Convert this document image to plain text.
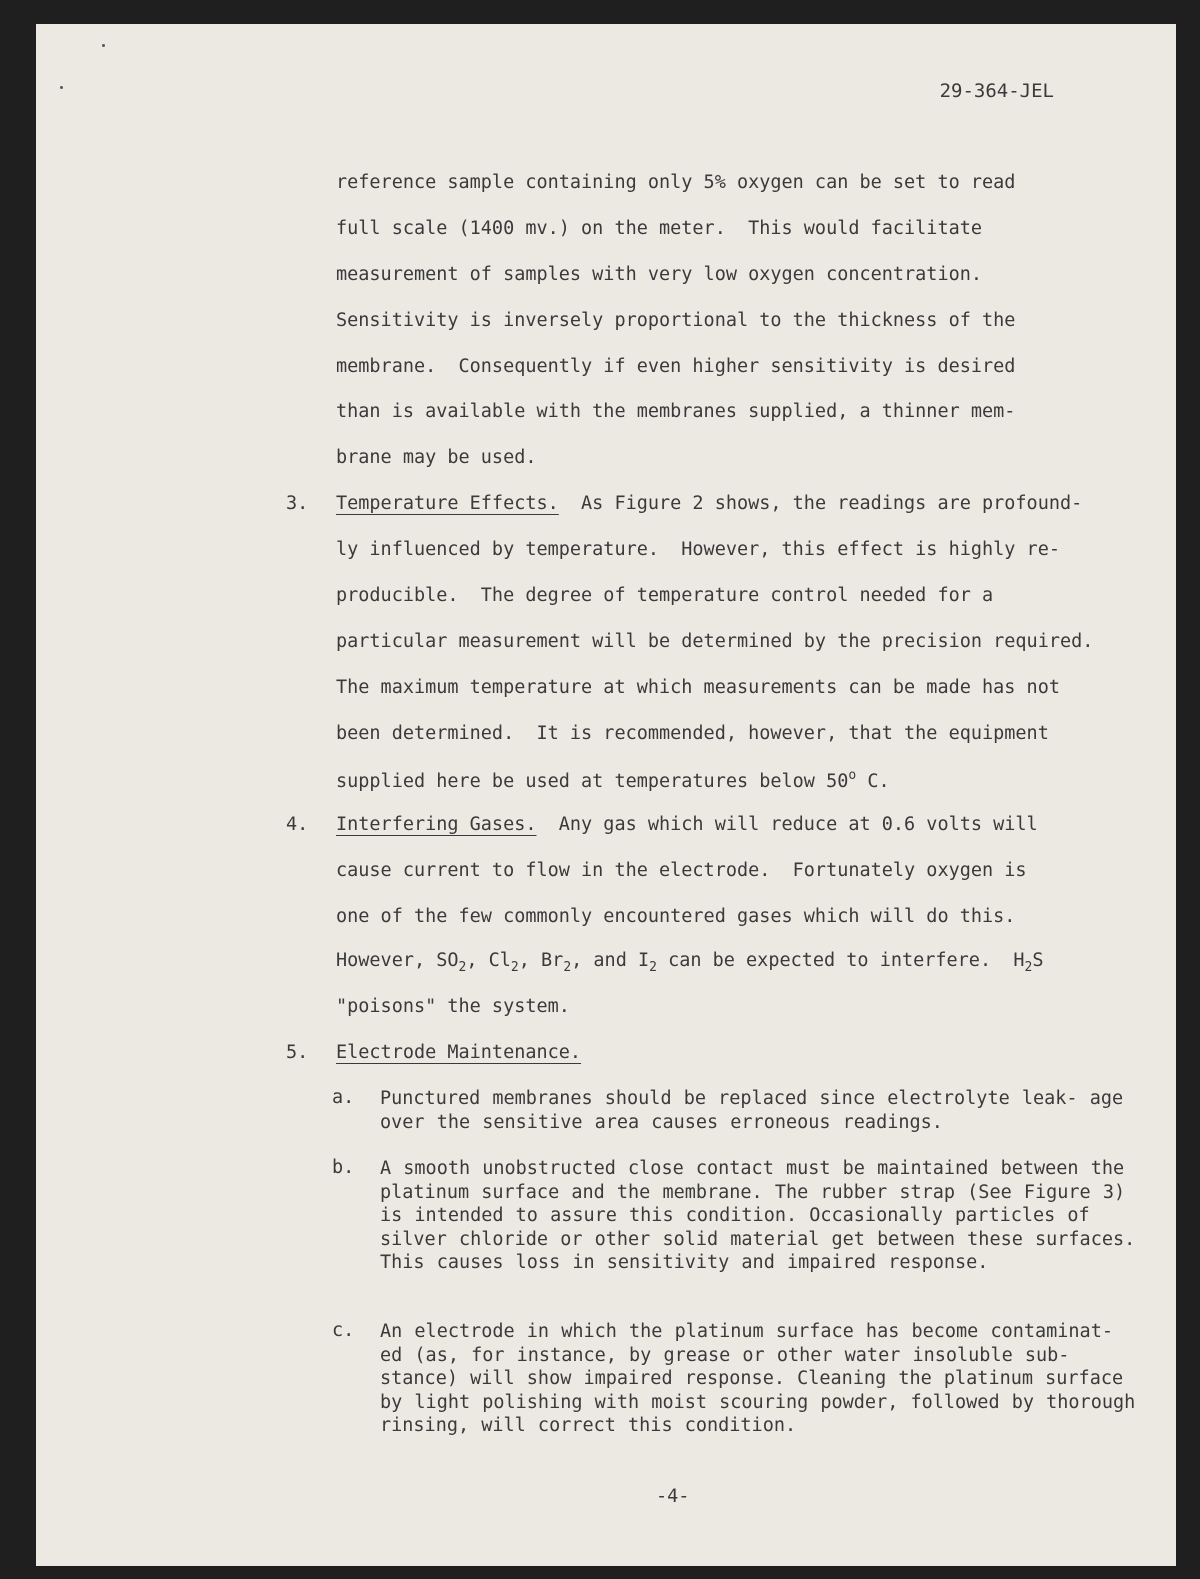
29-364-JEL
reference sample containing only 5% oxygen can be set to read
full scale (1400 mv.) on the meter.  This would facilitate
measurement of samples with very low oxygen concentration.
Sensitivity is inversely proportional to the thickness of the
membrane.  Consequently if even higher sensitivity is desired
than is available with the membranes supplied, a thinner mem-
brane may be used.
3. Temperature Effects.  As Figure 2 shows, the readings are profound-
ly influenced by temperature.  However, this effect is highly re-
producible.  The degree of temperature control needed for a
particular measurement will be determined by the precision required.
The maximum temperature at which measurements can be made has not
been determined.  It is recommended, however, that the equipment
supplied here be used at temperatures below 50$^o$ C.
4. Interfering Gases.  Any gas which will reduce at 0.6 volts will
cause current to flow in the electrode.  Fortunately oxygen is
one of the few commonly encountered gases which will do this.
However, $SO_2$, $Cl_2$, $Br_2$, and $I_2$ can be expected to interfere.  $H_2S$
"poisons" the system.
5. Electrode Maintenance.
a. Punctured membranes should be replaced since electrolyte leak- age over the sensitive area causes erroneous readings.
b. A smooth unobstructed close contact must be maintained between the platinum surface and the membrane. The rubber strap (See Figure 3) is intended to assure this condition. Occasionally particles of silver chloride or other solid material get between these surfaces. This causes loss in sensitivity and impaired response.
c. An electrode in which the platinum surface has become contaminat- ed (as, for instance, by grease or other water insoluble sub- stance) will show impaired response. Cleaning the platinum surface by light polishing with moist scouring powder, followed by thorough rinsing, will correct this condition.
-4-
